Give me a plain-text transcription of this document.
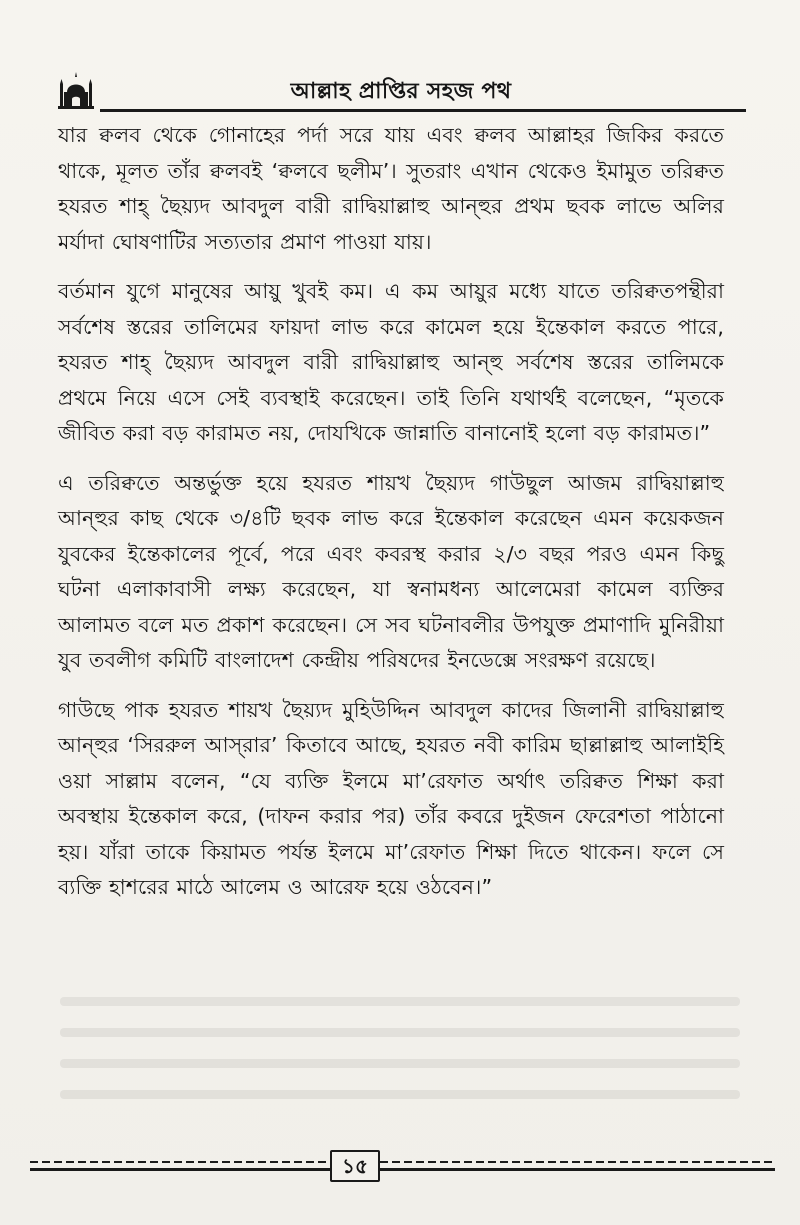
আল্লাহ প্রাপ্তির সহজ পথ

যার ক্বলব থেকে গোনাহের পর্দা সরে যায় এবং ক্বলব আল্লাহর জিকির করতে থাকে, মূলত তাঁর ক্বলবই ‘ক্বলবে ছলীম’। সুতরাং এখান থেকেও ইমামুত তরিক্বত হযরত শাহ্ ছৈয়্যদ আবদুল বারী রাদ্বিয়াল্লাহু আন্হুর প্রথম ছবক লাভে অলির মর্যাদা ঘোষণাটির সত্যতার প্রমাণ পাওয়া যায়।

বর্তমান যুগে মানুষের আয়ু খুবই কম। এ কম আয়ুর মধ্যে যাতে তরিক্বতপন্থীরা সর্বশেষ স্তরের তালিমের ফায়দা লাভ করে কামেল হয়ে ইন্তেকাল করতে পারে, হযরত শাহ্ ছৈয়্যদ আবদুল বারী রাদ্বিয়াল্লাহু আন্হু সর্বশেষ স্তরের তালিমকে প্রথমে নিয়ে এসে সেই ব্যবস্থাই করেছেন। তাই তিনি যথার্থই বলেছেন, “মৃতকে জীবিত করা বড় কারামত নয়, দোযখিকে জান্নাতি বানানোই হলো বড় কারামত।”

এ তরিক্বতে অন্তর্ভুক্ত হয়ে হযরত শায়খ ছৈয়্যদ গাউছুল আজম রাদ্বিয়াল্লাহু আন্হুর কাছ থেকে ৩/৪টি ছবক লাভ করে ইন্তেকাল করেছেন এমন কয়েকজন যুবকের ইন্তেকালের পূর্বে, পরে এবং কবরস্থ করার ২/৩ বছর পরও এমন কিছু ঘটনা এলাকাবাসী লক্ষ্য করেছেন, যা স্বনামধন্য আলেমেরা কামেল ব্যক্তির আলামত বলে মত প্রকাশ করেছেন। সে সব ঘটনাবলীর উপযুক্ত প্রমাণাদি মুনিরীয়া যুব তবলীগ কমিটি বাংলাদেশ কেন্দ্রীয় পরিষদের ইনডেক্সে সংরক্ষণ রয়েছে।

গাউছে পাক হযরত শায়খ ছৈয়্যদ মুহিউদ্দিন আবদুল কাদের জিলানী রাদ্বিয়াল্লাহু আন্হুর ‘সিররুল আস্‌রার’ কিতাবে আছে, হযরত নবী কারিম ছাল্লাল্লাহু আলাইহি ওয়া সাল্লাম বলেন, “যে ব্যক্তি ইলমে মা’রেফাত অর্থাৎ তরিক্বত শিক্ষা করা অবস্থায় ইন্তেকাল করে, (দাফন করার পর) তাঁর কবরে দুইজন ফেরেশতা পাঠানো হয়। যাঁরা তাকে কিয়ামত পর্যন্ত ইলমে মা’রেফাত শিক্ষা দিতে থাকেন। ফলে সে ব্যক্তি হাশরের মাঠে আলেম ও আরেফ হয়ে ওঠবেন।”

১৫
